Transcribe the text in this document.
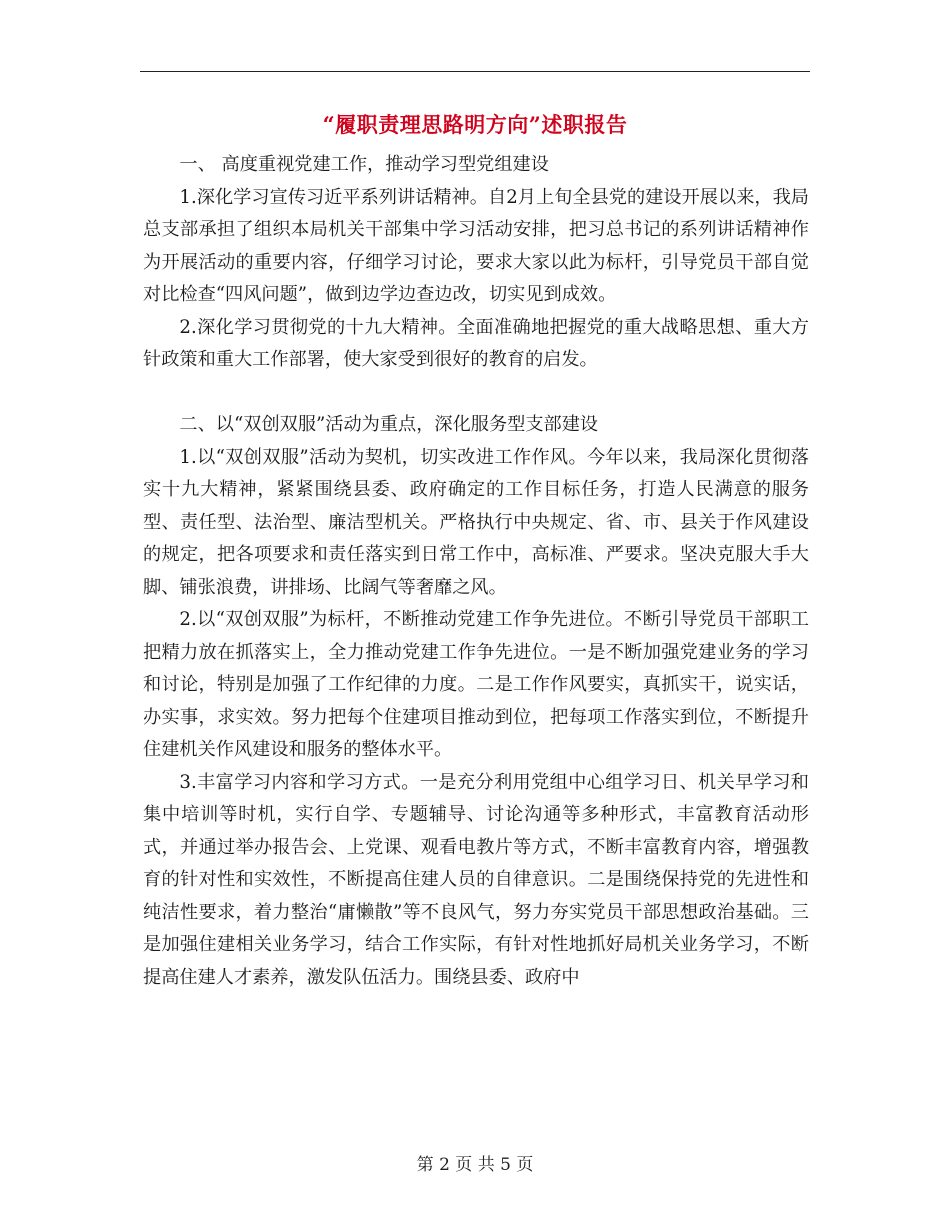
“履职责理思路明方向”述职报告

一、 高度重视党建工作，推动学习型党组建设

1.深化学习宣传习近平系列讲话精神。自2月上旬全县党的建设开展以来，我局总支部承担了组织本局机关干部集中学习活动安排，把习总书记的系列讲话精神作为开展活动的重要内容，仔细学习讨论，要求大家以此为标杆，引导党员干部自觉对比检查“四风问题”，做到边学边查边改，切实见到成效。

2.深化学习贯彻党的十九大精神。全面准确地把握党的重大战略思想、重大方针政策和重大工作部署，使大家受到很好的教育的启发。

二、以“双创双服”活动为重点，深化服务型支部建设

1.以“双创双服”活动为契机，切实改进工作作风。今年以来，我局深化贯彻落实十九大精神，紧紧围绕县委、政府确定的工作目标任务，打造人民满意的服务型、责任型、法治型、廉洁型机关。严格执行中央规定、省、市、县关于作风建设的规定，把各项要求和责任落实到日常工作中，高标准、严要求。坚决克服大手大脚、铺张浪费，讲排场、比阔气等奢靡之风。

2.以“双创双服”为标杆，不断推动党建工作争先进位。不断引导党员干部职工把精力放在抓落实上，全力推动党建工作争先进位。一是不断加强党建业务的学习和讨论，特别是加强了工作纪律的力度。二是工作作风要实，真抓实干，说实话，办实事，求实效。努力把每个住建项目推动到位，把每项工作落实到位，不断提升住建机关作风建设和服务的整体水平。

3.丰富学习内容和学习方式。一是充分利用党组中心组学习日、机关早学习和集中培训等时机，实行自学、专题辅导、讨论沟通等多种形式，丰富教育活动形式，并通过举办报告会、上党课、观看电教片等方式，不断丰富教育内容，增强教育的针对性和实效性，不断提高住建人员的自律意识。二是围绕保持党的先进性和纯洁性要求，着力整治“庸懒散”等不良风气，努力夯实党员干部思想政治基础。三是加强住建相关业务学习，结合工作实际，有针对性地抓好局机关业务学习，不断提高住建人才素养，激发队伍活力。围绕县委、政府中

第 2 页 共 5 页
